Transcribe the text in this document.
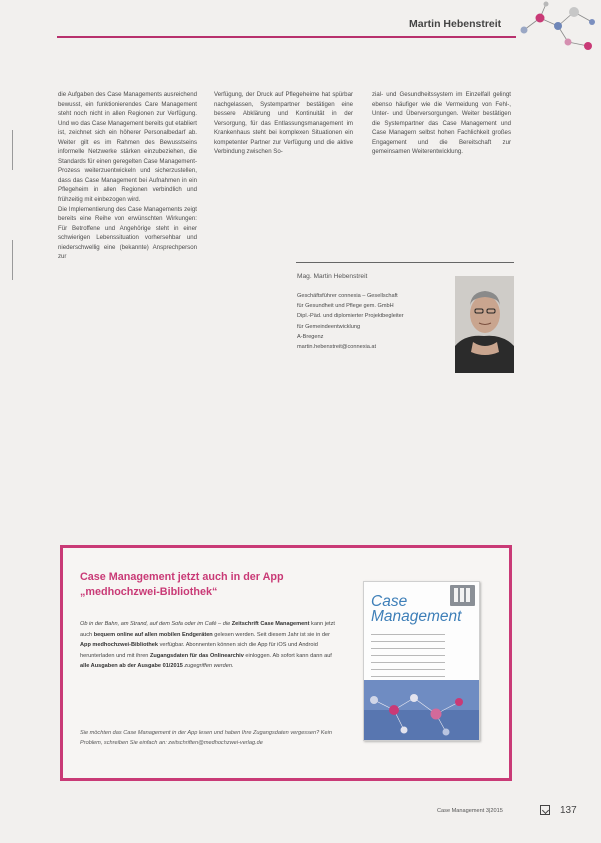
Martin Hebenstreit

die Aufgaben des Case Managements ausreichend bewusst, ein funktionierendes Care Management steht noch nicht in allen Regionen zur Verfügung. Und wo das Case Management bereits gut etabliert ist, zeichnet sich ein höherer Personalbedarf ab. Weiter gilt es im Rahmen des Bewusstseins informelle Netzwerke stärken einzubeziehen, die Standards für einen geregelten Case Management-Prozess weiterzuentwickeln und sicherzustellen, dass das Case Management bei Aufnahmen in ein Pflegeheim in allen Regionen verbindlich und frühzeitig mit einbezogen wird.

Die Implementierung des Case Managements zeigt bereits eine Reihe von erwünschten Wirkungen: Für Betroffene und Angehörige steht in einer schwierigen Lebenssituation vorhersehbar und niederschwellig eine (bekannte) Ansprechperson zur

Verfügung, der Druck auf Pflegeheime hat spürbar nachgelassen, Systempartner bestätigen eine bessere Abklärung und Kontinuität in der Versorgung, für das Entlassungsmanagement im Krankenhaus steht bei komplexen Situationen ein kompetenter Partner zur Verfügung und die aktive Verbindung zwischen So-

zial- und Gesundheitssystem im Einzelfall gelingt ebenso häufiger wie die Vermeidung von Fehl-, Unter- und Überversorgungen. Weiter bestätigen die Systempartner das Case Management und Case Managern selbst hohen Fachlichkeit großes Engagement und die Bereitschaft zur gemeinsamen Weiterentwicklung.

Mag. Martin Hebenstreit
Geschäftsführer connexia – Gesellschaft
für Gesundheit und Pflege gem. GmbH
Dipl.-Päd. und diplomierter Projektbegleiter
für Gemeindeentwicklung
A-Bregenz
martin.hebenstreit@connexia.at
Case Management jetzt auch in der App
„medhochzwei-Bibliothek“
Ob in der Bahn, am Strand, auf dem Sofa oder im Café – die Zeitschrift Case Management kann jetzt auch bequem online auf allen mobilen Endgeräten gelesen werden. Seit diesem Jahr ist sie in der App medhochzwei-Bibliothek verfügbar. Abonnenten können sich die App für iOS und Android herunterladen und mit ihren Zugangsdaten für das Onlinearchiv einloggen. Ab sofort kann dann auf alle Ausgaben ab der Ausgabe 01/2015 zugegriffen werden.
Sie möchten das Case Management in der App lesen und haben Ihre Zugangsdaten vergessen? Kein Problem, schreiben Sie einfach an: zeitschriften@medhochzwei-verlag.de
Case
Management
Case Management 3|2015	137
